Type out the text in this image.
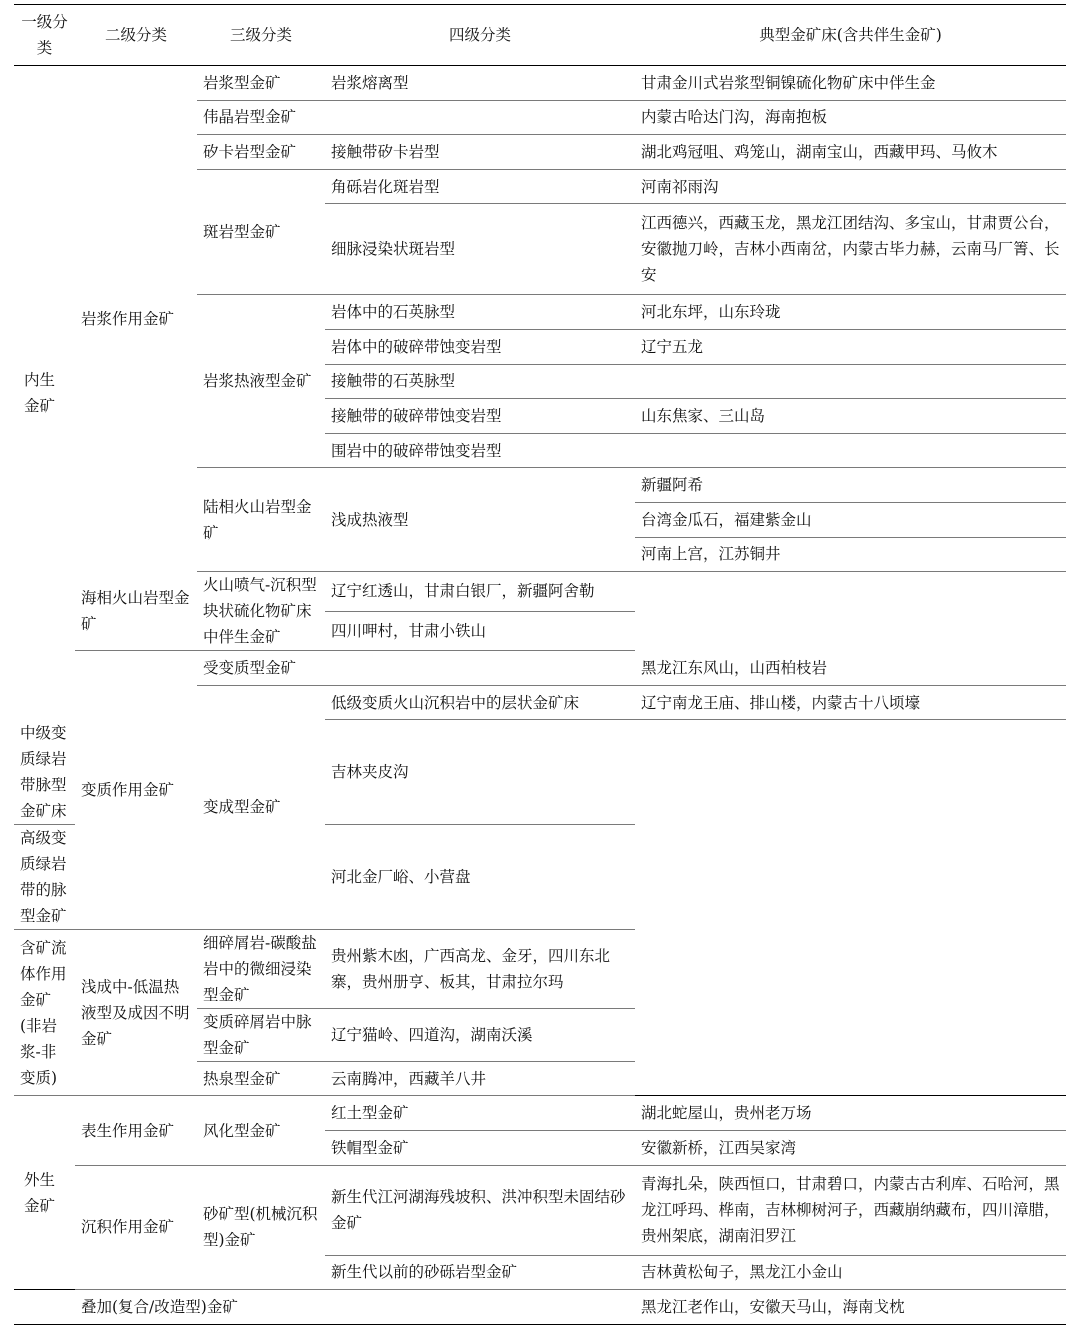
一级分类	二级分类	三级分类	四级分类	典型金矿床(含共伴生金矿)
内生金矿	岩浆作用金矿	岩浆型金矿	岩浆熔离型	甘肃金川式岩浆型铜镍硫化物矿床中伴生金
		伟晶岩型金矿		内蒙古哈达门沟，海南抱板
		矽卡岩型金矿	接触带矽卡岩型	湖北鸡冠咀、鸡笼山，湖南宝山，西藏甲玛、马攸木
		斑岩型金矿	角砾岩化斑岩型	河南祁雨沟
			细脉浸染状斑岩型	江西德兴，西藏玉龙，黑龙江团结沟、多宝山，甘肃贾公台，安徽抛刀岭，吉林小西南岔，内蒙古毕力赫，云南马厂箐、长安
		岩浆热液型金矿	岩体中的石英脉型	河北东坪，山东玲珑
			岩体中的破碎带蚀变岩型	辽宁五龙
			接触带的石英脉型	
			接触带的破碎带蚀变岩型	山东焦家、三山岛
			围岩中的破碎带蚀变岩型	
		陆相火山岩型金矿	浅成热液型	新疆阿希
				台湾金瓜石，福建紫金山
				河南上宫，江苏铜井
	海相火山岩型金矿	火山喷气-沉积型块状硫化物矿床中伴生金矿	辽宁红透山，甘肃白银厂，新疆阿舍勒	
			四川呷村，甘肃小铁山	
	变质作用金矿	受变质型金矿		黑龙江东风山，山西柏枝岩
		变成型金矿	低级变质火山沉积岩中的层状金矿床	辽宁南龙王庙、排山楼，内蒙古十八顷壕
中级变质绿岩带脉型金矿床			吉林夹皮沟	
高级变质绿岩带的脉型金矿			河北金厂峪、小营盘	
含矿流体作用金矿(非岩浆-非变质)	浅成中-低温热液型及成因不明金矿	细碎屑岩-碳酸盐岩中的微细浸染型金矿	贵州紫木凼，广西高龙、金牙，四川东北寨，贵州册亨、板其，甘肃拉尔玛	
		变质碎屑岩中脉型金矿	辽宁猫岭、四道沟，湖南沃溪	
		热泉型金矿	云南腾冲，西藏羊八井	
外生金矿	表生作用金矿	风化型金矿	红土型金矿	湖北蛇屋山，贵州老万场
			铁帽型金矿	安徽新桥，江西吴家湾
	沉积作用金矿	砂矿型(机械沉积型)金矿	新生代江河湖海残坡积、洪冲积型未固结砂金矿	青海扎朵，陕西恒口，甘肃碧口，内蒙古古利库、石哈河，黑龙江呼玛、桦南，吉林柳树河子，西藏崩纳藏布，四川漳腊，贵州架底，湖南汨罗江
			新生代以前的砂砾岩型金矿	吉林黄松甸子，黑龙江小金山
	叠加(复合/改造型)金矿			黑龙江老作山，安徽天马山，海南戈枕
